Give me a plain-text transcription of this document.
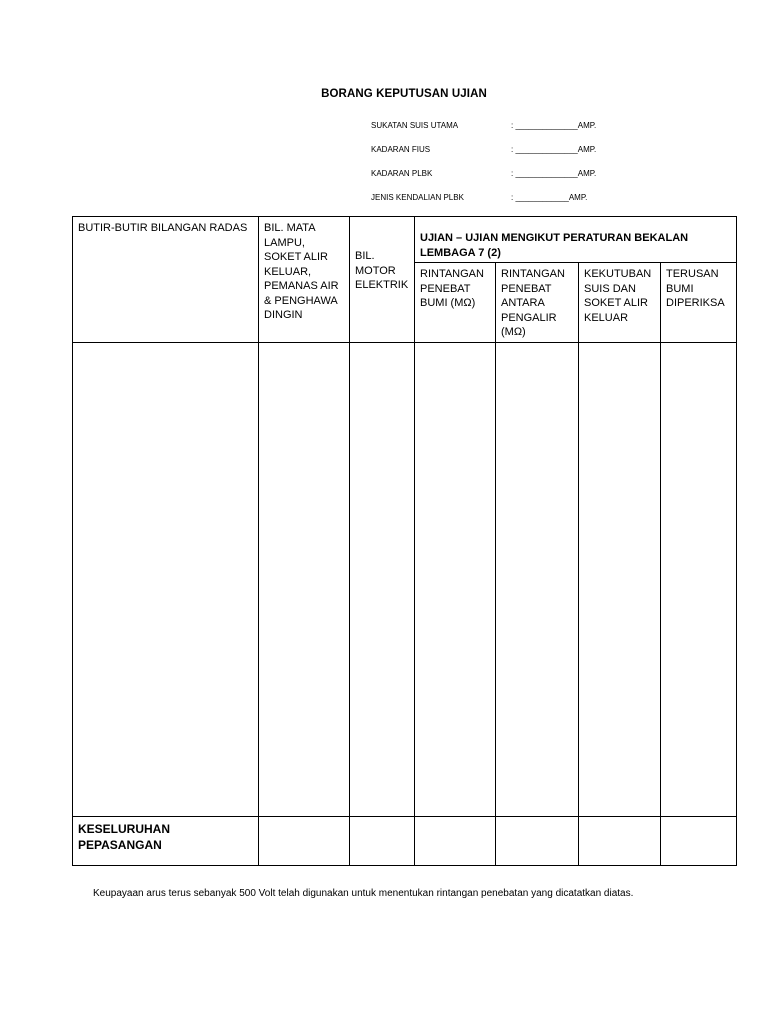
BORANG KEPUTUSAN UJIAN
SUKATAN SUIS UTAMA	: ______________AMP.
KADARAN FIUS	: ______________AMP.
KADARAN PLBK	: ______________AMP.
JENIS KENDALIAN PLBK	: ____________AMP.
BUTIR-BUTIR BILANGAN RADAS	BIL. MATA LAMPU, SOKET ALIR KELUAR, PEMANAS AIR & PENGHAWA DINGIN	BIL. MOTOR ELEKTRIK	UJIAN – UJIAN MENGIKUT PERATURAN BEKALAN LEMBAGA 7 (2)			
			RINTANGAN PENEBAT BUMI (MΩ)	RINTANGAN PENEBAT ANTARA PENGALIR (MΩ)	KEKUTUBAN SUIS DAN SOKET ALIR KELUAR	TERUSAN BUMI DIPERIKSA

KESELURUHAN PEPASANGAN						
Keupayaan arus terus sebanyak 500 Volt telah digunakan untuk menentukan rintangan penebatan yang dicatatkan diatas.
